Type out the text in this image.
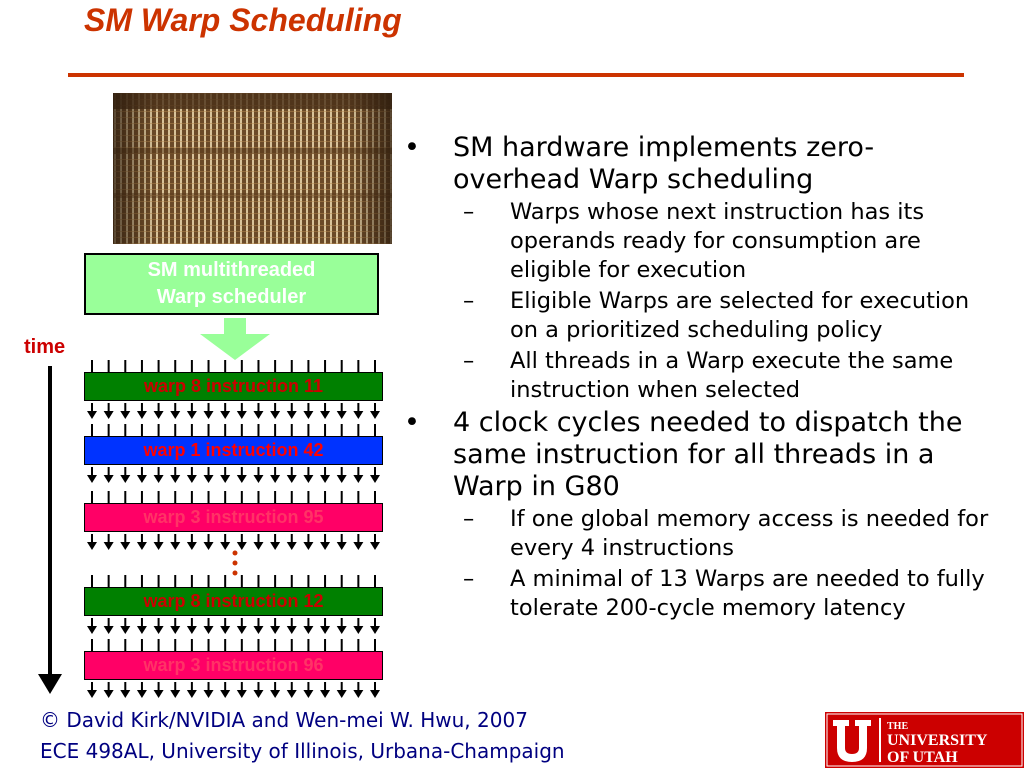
SM Warp Scheduling
SM multithreaded
Warp scheduler
time
warp 8 instruction 11
warp 1 instruction 42
warp 3 instruction 95
warp 8 instruction 12
warp 3 instruction 96
• SM hardware implements zero-overhead Warp scheduling
– Warps whose next instruction has its operands ready for consumption are eligible for execution
– Eligible Warps are selected for execution on a prioritized scheduling policy
– All threads in a Warp execute the same instruction when selected
• 4 clock cycles needed to dispatch the same instruction for all threads in a Warp in G80
– If one global memory access is needed for every 4 instructions
– A minimal of 13 Warps are needed to fully tolerate 200-cycle memory latency
© David Kirk/NVIDIA and Wen-mei W. Hwu, 2007
ECE 498AL, University of Illinois, Urbana-Champaign
THE
UNIVERSITY
OF UTAH
